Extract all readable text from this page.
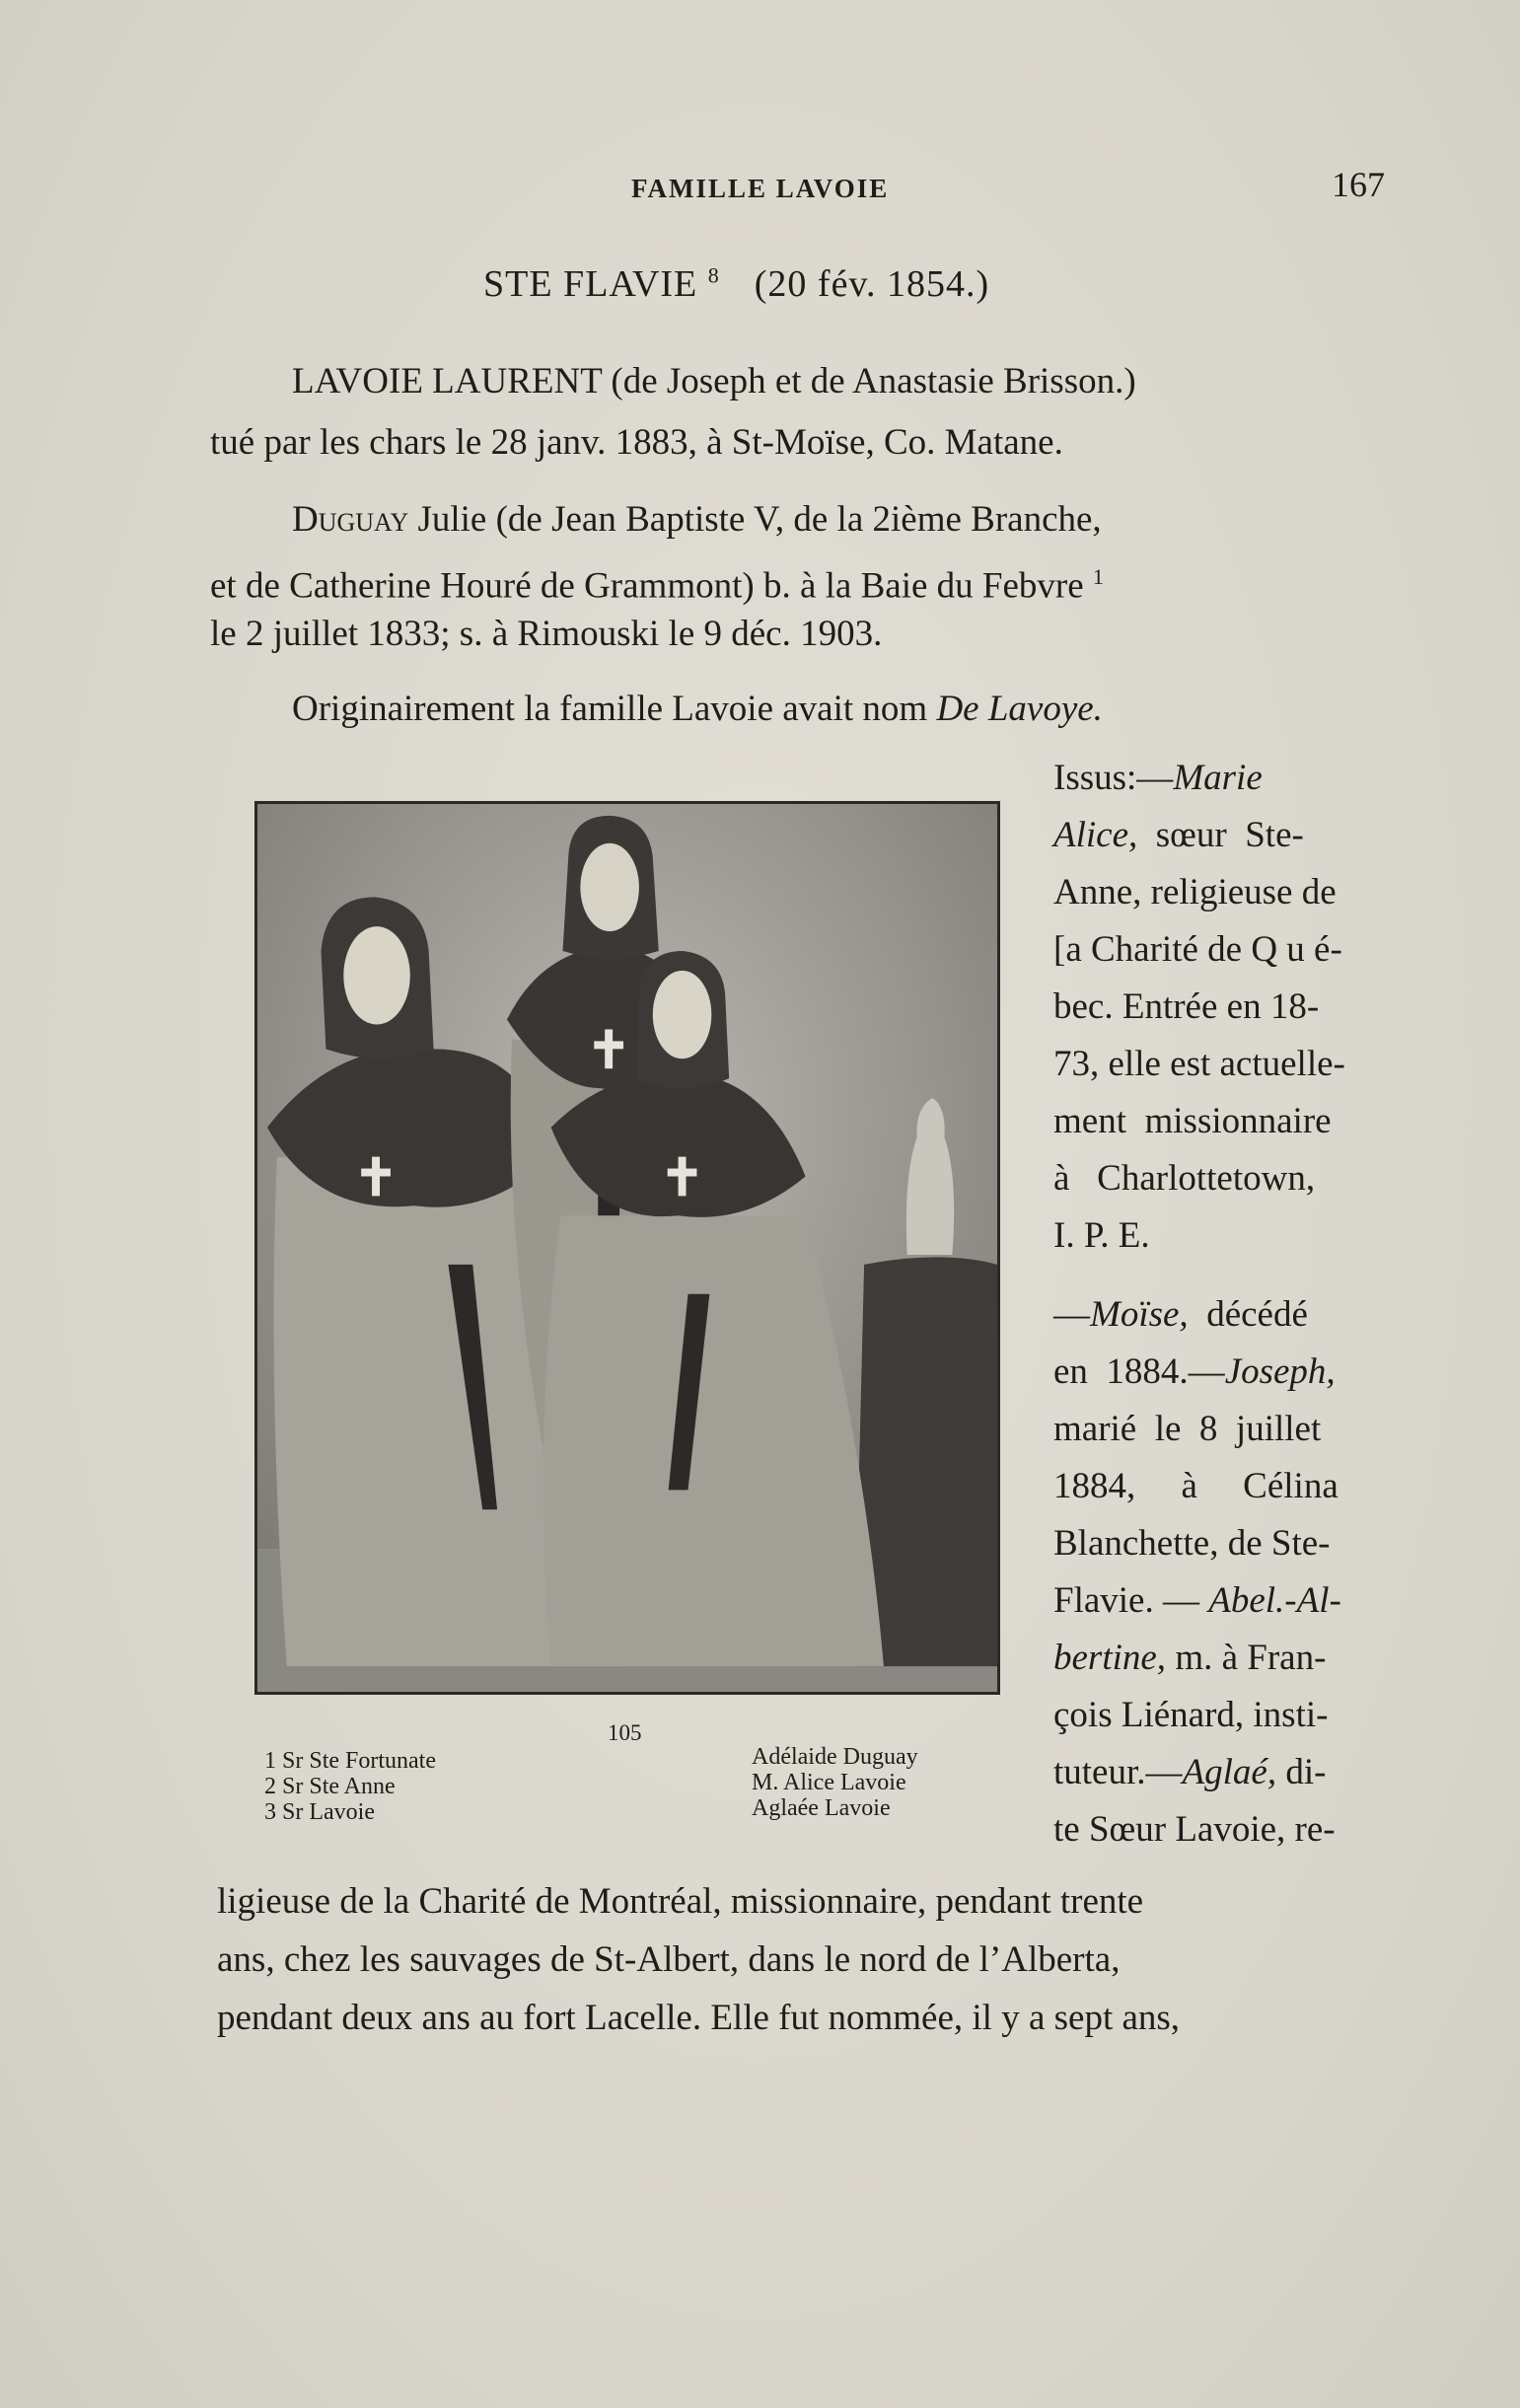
FAMILLE LAVOIE	167
STE FLAVIE $^8$ (20 fév. 1854.)
LAVOIE LAURENT (de Joseph et de Anastasie Brisson.)
tué par les chars le 28 janv. 1883, à St-Moïse, Co. Matane.
Duguay Julie (de Jean Baptiste V, de la 2ième Branche,
et de Catherine Houré de Grammont) b. à la Baie du Febvre $^1$
le 2 juillet 1833; s. à Rimouski le 9 déc. 1903.
Originairement la famille Lavoie avait nom De Lavoye.
105
1 Sr Ste Fortunate
2 Sr Ste Anne
3 Sr Lavoie
Adélaide Duguay
M. Alice Lavoie
Aglaée Lavoie
Issus:—Marie
Alice,  sœur  Ste-
Anne, religieuse de
[a Charité de Q u é-
bec. Entrée en 18-
73, elle est actuelle-
ment  missionnaire
à   Charlottetown,
I. P. E.
—Moïse,  décédé
en  1884.—Joseph,
marié  le  8  juillet
1884,     à     Célina
Blanchette, de Ste-
Flavie. — Abel.-Al-
bertine, m. à Fran-
çois Liénard, insti-
tuteur.—Aglaé, di-
te Sœur Lavoie, re-
ligieuse de la Charité de Montréal, missionnaire, pendant trente
ans, chez les sauvages de St-Albert, dans le nord de l’Alberta,
pendant deux ans au fort Lacelle. Elle fut nommée, il y a sept ans,
